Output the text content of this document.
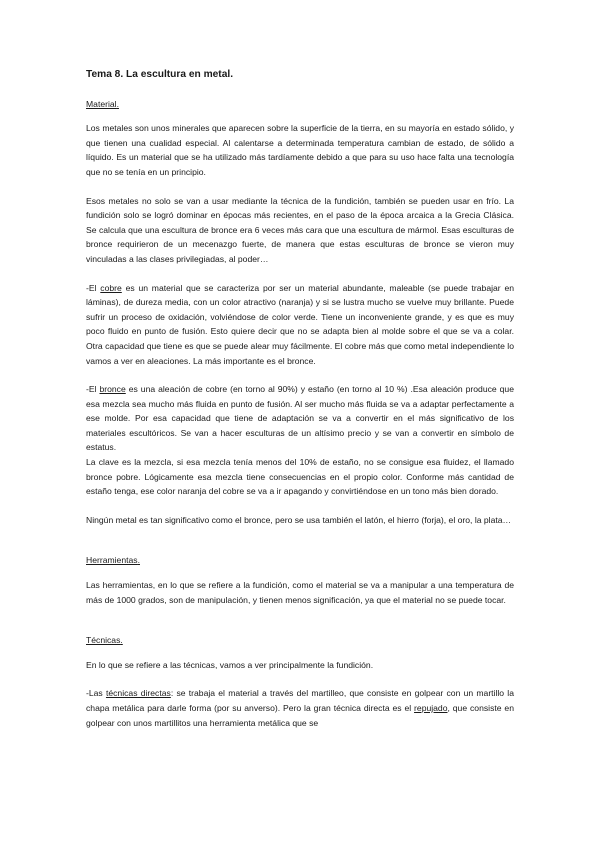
Tema 8. La escultura en metal.
Material.

Los metales son unos minerales que aparecen sobre la superficie de la tierra, en su mayoría en estado sólido, y que tienen una cualidad especial. Al calentarse a determinada temperatura cambian de estado, de sólido a líquido. Es un material que se ha utilizado más tardíamente debido a que para su uso hace falta una tecnología que no se tenía en un principio.

Esos metales no solo se van a usar mediante la técnica de la fundición, también se pueden usar en frío. La fundición solo se logró dominar en épocas más recientes, en el paso de la época arcaica a la Grecia Clásica. Se calcula que una escultura de bronce era 6 veces más cara que una escultura de mármol. Esas esculturas de bronce requirieron de un mecenazgo fuerte, de manera que estas esculturas de bronce se vieron muy vinculadas a las clases privilegiadas, al poder…

-El cobre es un material que se caracteriza por ser un material abundante, maleable (se puede trabajar en láminas), de dureza media, con un color atractivo (naranja) y si se lustra mucho se vuelve muy brillante. Puede sufrir un proceso de oxidación, volviéndose de color verde. Tiene un inconveniente grande, y es que es muy poco fluido en punto de fusión. Esto quiere decir que no se adapta bien al molde sobre el que se va a colar. Otra capacidad que tiene es que se puede alear muy fácilmente. El cobre más que como metal independiente lo vamos a ver en aleaciones. La más importante es el bronce.

-El bronce es una aleación de cobre (en torno al 90%) y estaño (en torno al 10 %) .Esa aleación produce que esa mezcla sea mucho más fluida en punto de fusión. Al ser mucho más fluida se va a adaptar perfectamente a ese molde. Por esa capacidad que tiene de adaptación se va a convertir en el más significativo de los materiales escultóricos. Se van a hacer esculturas de un altísimo precio y se van a convertir en símbolo de estatus.

La clave es la mezcla, si esa mezcla tenía menos del 10% de estaño, no se consigue esa fluidez, el llamado bronce pobre. Lógicamente esa mezcla tiene consecuencias en el propio color. Conforme más cantidad de estaño tenga, ese color naranja del cobre se va a ir apagando y convirtiéndose en un tono más bien dorado.

Ningún metal es tan significativo como el bronce, pero se usa también el latón, el hierro (forja), el oro, la plata…

Herramientas.

Las herramientas, en lo que se refiere a la fundición, como el material se va a manipular a una temperatura de más de 1000 grados, son de manipulación, y tienen menos significación, ya que el material no se puede tocar.

Técnicas.

En lo que se refiere a las técnicas, vamos a ver principalmente la fundición.

-Las técnicas directas: se trabaja el material a través del martilleo, que consiste en golpear con un martillo la chapa metálica para darle forma (por su anverso). Pero la gran técnica directa es el repujado, que consiste en golpear con unos martillitos una herramienta metálica que se
